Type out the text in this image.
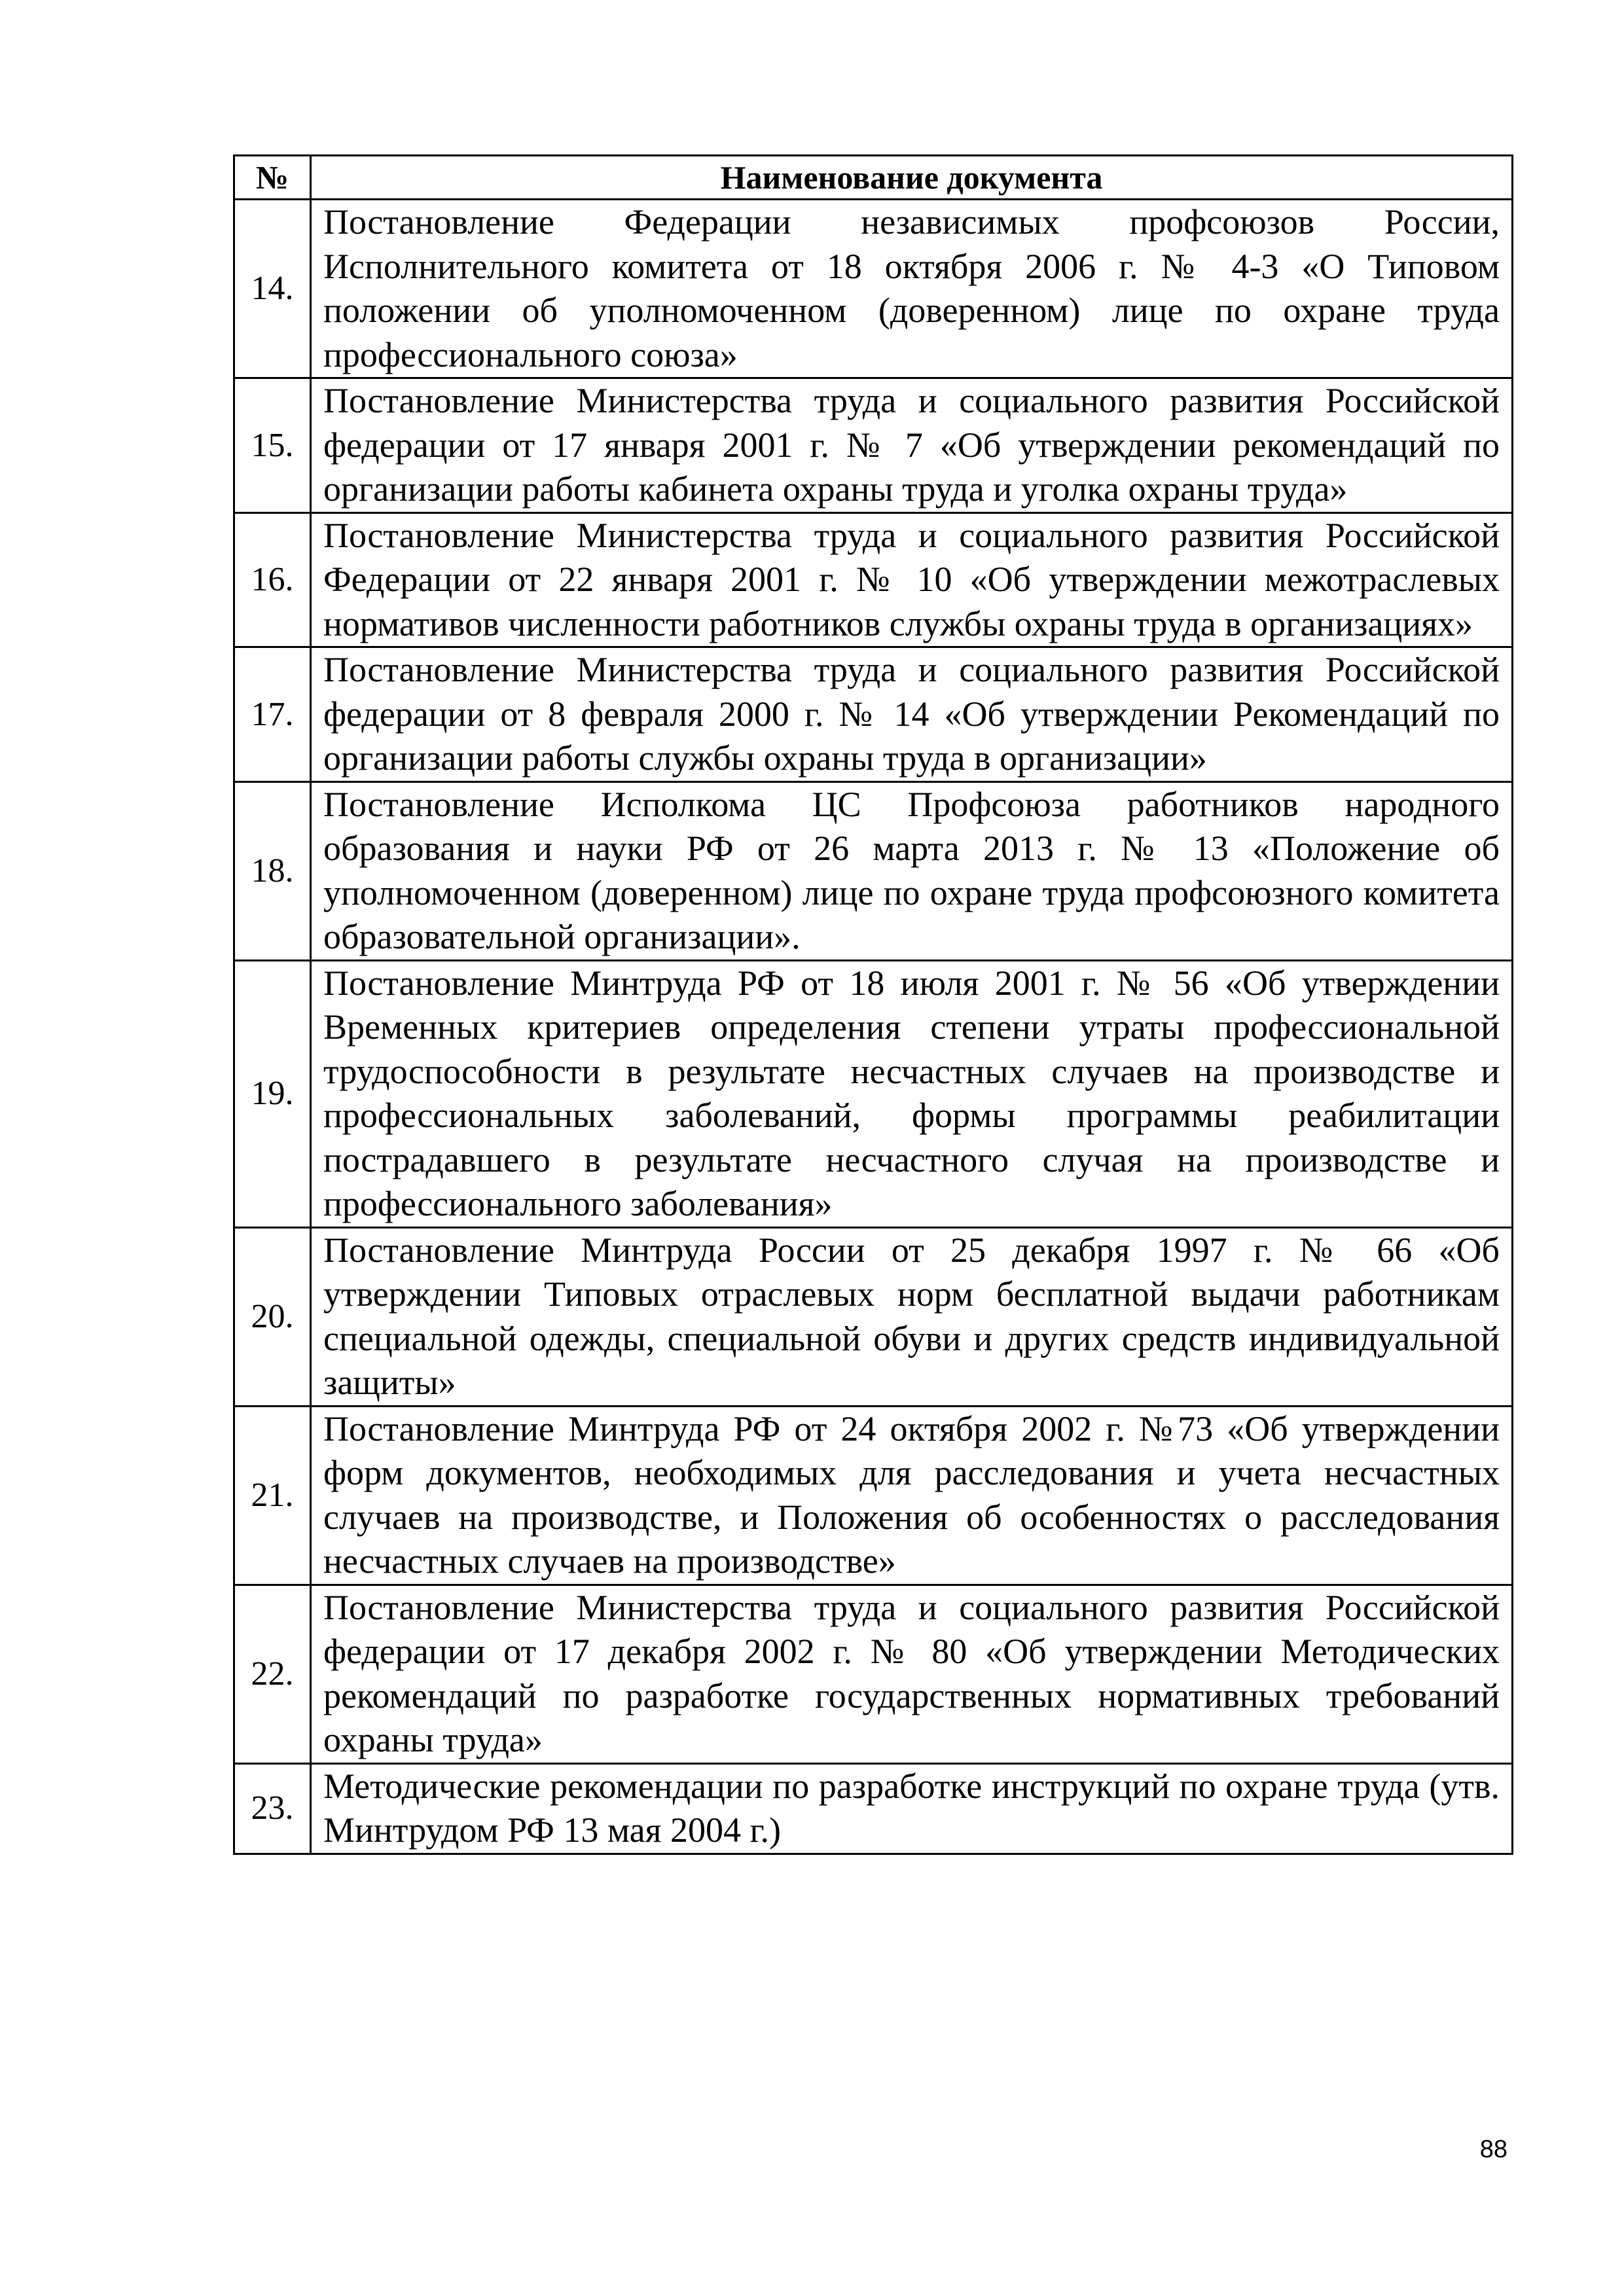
№	Наименование документа
14.	Постановление Федерации независимых профсоюзов России, Исполнительного комитета от 18 октября 2006 г. № 4-3 «О Типовом положении об уполномоченном (доверенном) лице по охране труда профессионального союза»

15.	Постановление Министерства труда и социального развития Российской федерации от 17 января 2001 г. № 7 «Об утверждении рекомендаций по организации работы кабинета охраны труда и уголка охраны труда»

16.	Постановление Министерства труда и социального развития Российской Федерации от 22 января 2001 г. № 10 «Об утверждении межотраслевых нормативов численности работников службы охраны труда в организациях»

17.	Постановление Министерства труда и социального развития Российской федерации от 8 февраля 2000 г. № 14 «Об утверждении Рекомендаций по организации работы службы охраны труда в организации»

18.	Постановление Исполкома ЦС Профсоюза работников народного образования и науки РФ от 26 марта 2013 г. № 13 «Положение об уполномоченном (доверенном) лице по охране труда профсоюзного комитета образовательной организации».

19.	Постановление Минтруда РФ от 18 июля 2001 г. № 56 «Об утверждении Временных критериев определения степени утраты профессиональной трудоспособности в результате несчастных случаев на производстве и профессиональных заболеваний, формы программы реабилитации пострадавшего в результате несчастного случая на производстве и профессионального заболевания»

20.	Постановление Минтруда России от 25 декабря 1997 г. № 66 «Об утверждении Типовых отраслевых норм бесплатной выдачи работникам специальной одежды, специальной обуви и других средств индивидуальной защиты»

21.	Постановление Минтруда РФ от 24 октября 2002 г. №73 «Об утверждении форм документов, необходимых для расследования и учета несчастных случаев на производстве, и Положения об особенностях о расследования несчастных случаев на производстве»

22.	Постановление Министерства труда и социального развития Российской федерации от 17 декабря 2002 г. № 80 «Об утверждении Методических рекомендаций по разработке государственных нормативных требований охраны труда»

23.	Методические рекомендации по разработке инструкций по охране труда (утв. Минтрудом РФ 13 мая 2004 г.)

88
